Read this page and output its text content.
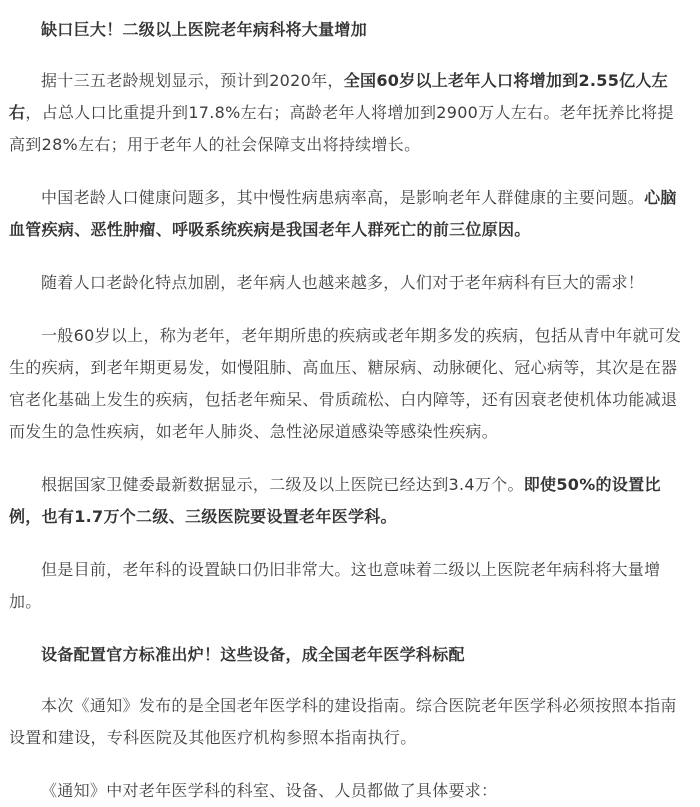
缺口巨大！二级以上医院老年病科将大量增加

据十三五老龄规划显示，预计到2020年，全国60岁以上老年人口将增加到2.55亿人左右，占总人口比重提升到17.8%左右；高龄老年人将增加到2900万人左右。老年抚养比将提高到28%左右；用于老年人的社会保障支出将持续增长。

中国老龄人口健康问题多，其中慢性病患病率高，是影响老年人群健康的主要问题。心脑血管疾病、恶性肿瘤、呼吸系统疾病是我国老年人群死亡的前三位原因。

随着人口老龄化特点加剧，老年病人也越来越多，人们对于老年病科有巨大的需求！

一般60岁以上，称为老年，老年期所患的疾病或老年期多发的疾病，包括从青中年就可发生的疾病，到老年期更易发，如慢阻肺、高血压、糖尿病、动脉硬化、冠心病等，其次是在器官老化基础上发生的疾病，包括老年痴呆、骨质疏松、白内障等，还有因衰老使机体功能减退而发生的急性疾病，如老年人肺炎、急性泌尿道感染等感染性疾病。

根据国家卫健委最新数据显示，二级及以上医院已经达到3.4万个。即使50%的设置比例，也有1.7万个二级、三级医院要设置老年医学科。

但是目前，老年科的设置缺口仍旧非常大。这也意味着二级以上医院老年病科将大量增加。

设备配置官方标准出炉！这些设备，成全国老年医学科标配

本次《通知》发布的是全国老年医学科的建设指南。综合医院老年医学科必须按照本指南设置和建设，专科医院及其他医疗机构参照本指南执行。

《通知》中对老年医学科的科室、设备、人员都做了具体要求：
